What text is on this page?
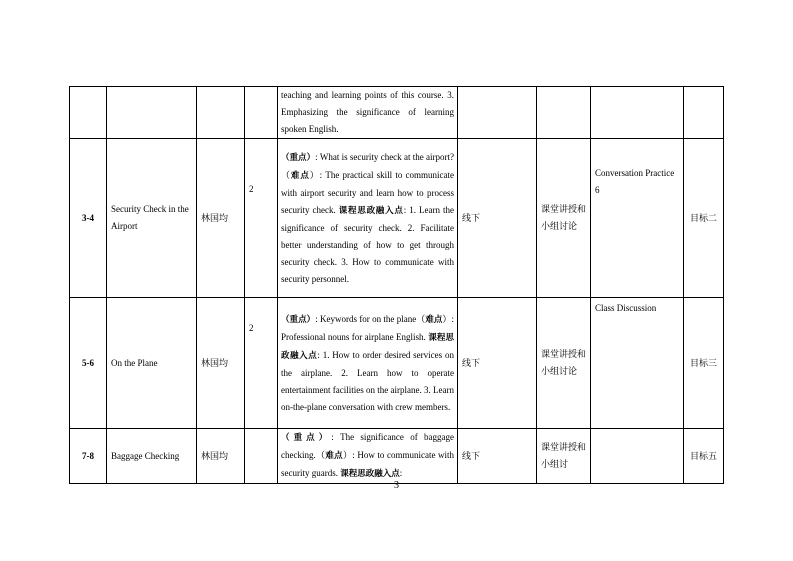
				teaching and learning points of this course. 3. Emphasizing the significance of learning spoken English.				

3-4	Security Check in the Airport	林国均	2	（重点）: What is security check at the airport?（难点）: The practical skill to communicate with airport security and learn how to process security check. 课程思政融入点: 1. Learn the significance of security check. 2. Facilitate better understanding of how to get through security check. 3. How to communicate with security personnel.	线下	课堂讲授和小组讨论	Conversation Practice 6	目标二
5-6	On the Plane	林国均	2	（重点）: Keywords for on the plane（难点）: Professional nouns for airplane English. 课程思政融入点: 1. How to order desired services on the airplane. 2. Learn how to operate entertainment facilities on the airplane. 3. Learn on-the-plane conversation with crew members.	线下	课堂讲授和小组讨论	Class Discussion	目标三
7-8	Baggage Checking	林国均		（重点）: The significance of baggage checking.（难点）: How to communicate with security guards. 课程思政融入点:	线下	课堂讲授和小组讨		目标五
3
